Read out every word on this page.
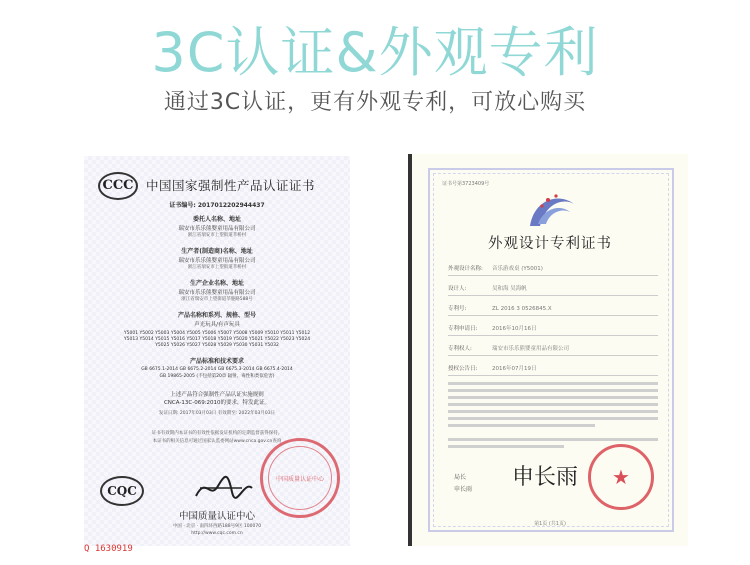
3C认证&外观专利
通过3C认证，更有外观专利，可放心购买
CCC 中国国家强制性产品认证证书
证书编号: 2017012202944437
委托人名称、地址
瑞安市乐乐熊婴童用品有限公司
浙江省瑞安市上望街道莘桥村
生产者(制造商)名称、地址
瑞安市乐乐熊婴童用品有限公司
浙江省瑞安市上望街道莘桥村
生产企业名称、地址
瑞安市乐乐熊婴童用品有限公司
浙江省瑞安市上望街道莘塍路588号
产品名称和系列、规格、型号
声光玩具/有声玩具
Y5001 Y5002 Y5003 Y5004 Y5005 Y5006 Y5007 Y5008 Y5009 Y5010 Y5011 Y5012
Y5013 Y5014 Y5015 Y5016 Y5017 Y5018 Y5019 Y5020 Y5021 Y5022 Y5023 Y5024
Y5025 Y5026 Y5027 Y5028 Y5029 Y5030 Y5031 Y5032
产品标准和技术要求
GB 6675.1-2014 GB 6675.2-2014 GB 6675.3-2014 GB 6675.4-2014
GB 19865-2005 (不包括第20章 辐射、毒性和类似危害)
上述产品符合强制性产品认证实施规则
CNCA-13C-069:2010的要求，特发此证。
发证日期: 2017年03月03日 有效期至: 2022年03月03日
证书有效期内本证书的有效性依据发证机构的定期监督获得保持。
本证书的相关信息可通过国家认监委网站www.cnca.gov.cn查询
CQC
中国质量认证中心
中国质量认证中心
中国 · 北京 · 南四环西路188号9区 100070
http://www.cqc.com.cn
Q 1630919
证书号第3723409号
外观设计专利证书
外观设计名称: 音乐游戏桌 (Y5001)
设计人:	吴和海 吴海帆
专利号:	ZL 2016 3 0526845.X
专利申请日:	2016年10月16日
专利权人:	瑞安市乐乐熊婴童用品有限公司
授权公告日:	2016年07月19日
局长
申长雨 申长雨 ★
第1页 (共1页)
